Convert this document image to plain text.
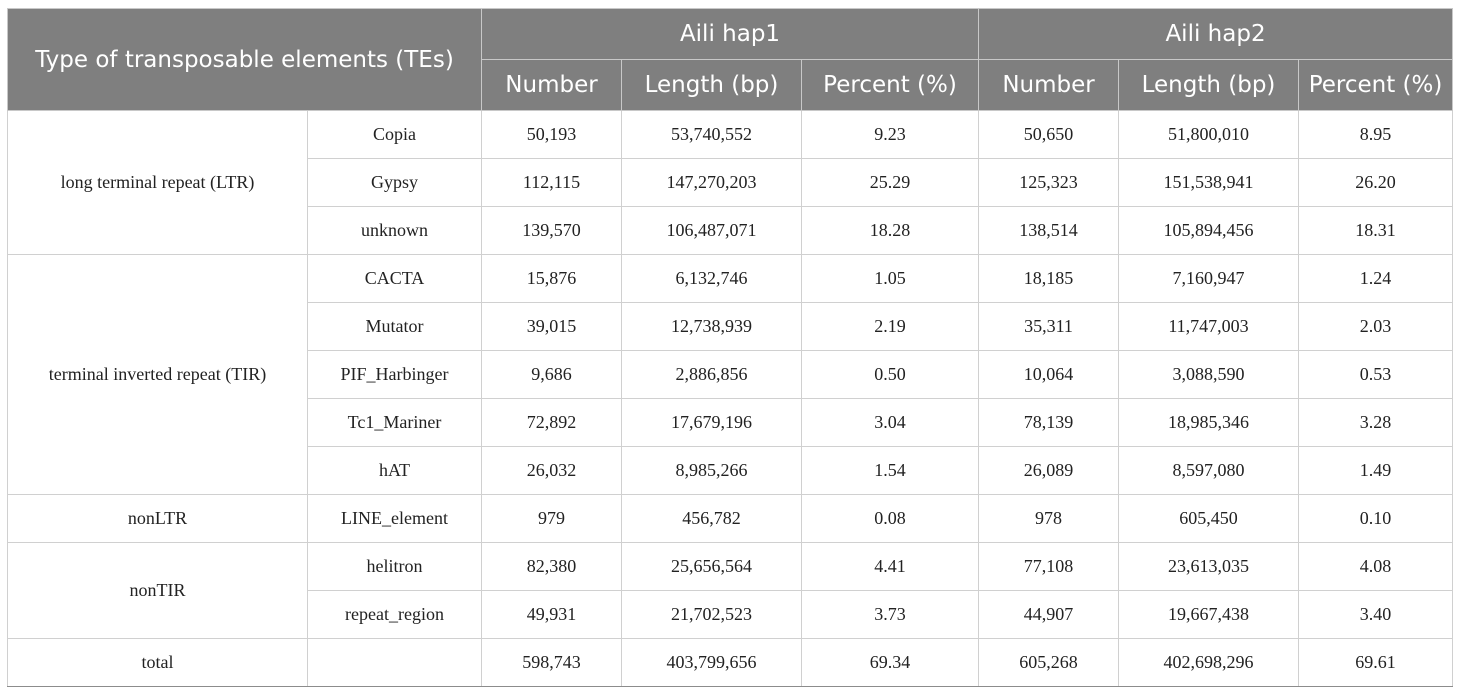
Type of transposable elements (TEs)		Aili hap1			Aili hap2		
		Number	Length (bp)	Percent (%)	Number	Length (bp)	Percent (%)
long terminal repeat (LTR)	Copia	50,193	53,740,552	9.23	50,650	51,800,010	8.95
	Gypsy	112,115	147,270,203	25.29	125,323	151,538,941	26.20
	unknown	139,570	106,487,071	18.28	138,514	105,894,456	18.31
terminal inverted repeat (TIR)	CACTA	15,876	6,132,746	1.05	18,185	7,160,947	1.24
	Mutator	39,015	12,738,939	2.19	35,311	11,747,003	2.03
	PIF_Harbinger	9,686	2,886,856	0.50	10,064	3,088,590	0.53
	Tc1_Mariner	72,892	17,679,196	3.04	78,139	18,985,346	3.28
	hAT	26,032	8,985,266	1.54	26,089	8,597,080	1.49
nonLTR	LINE_element	979	456,782	0.08	978	605,450	0.10
nonTIR	helitron	82,380	25,656,564	4.41	77,108	23,613,035	4.08
	repeat_region	49,931	21,702,523	3.73	44,907	19,667,438	3.40
total		598,743	403,799,656	69.34	605,268	402,698,296	69.61
